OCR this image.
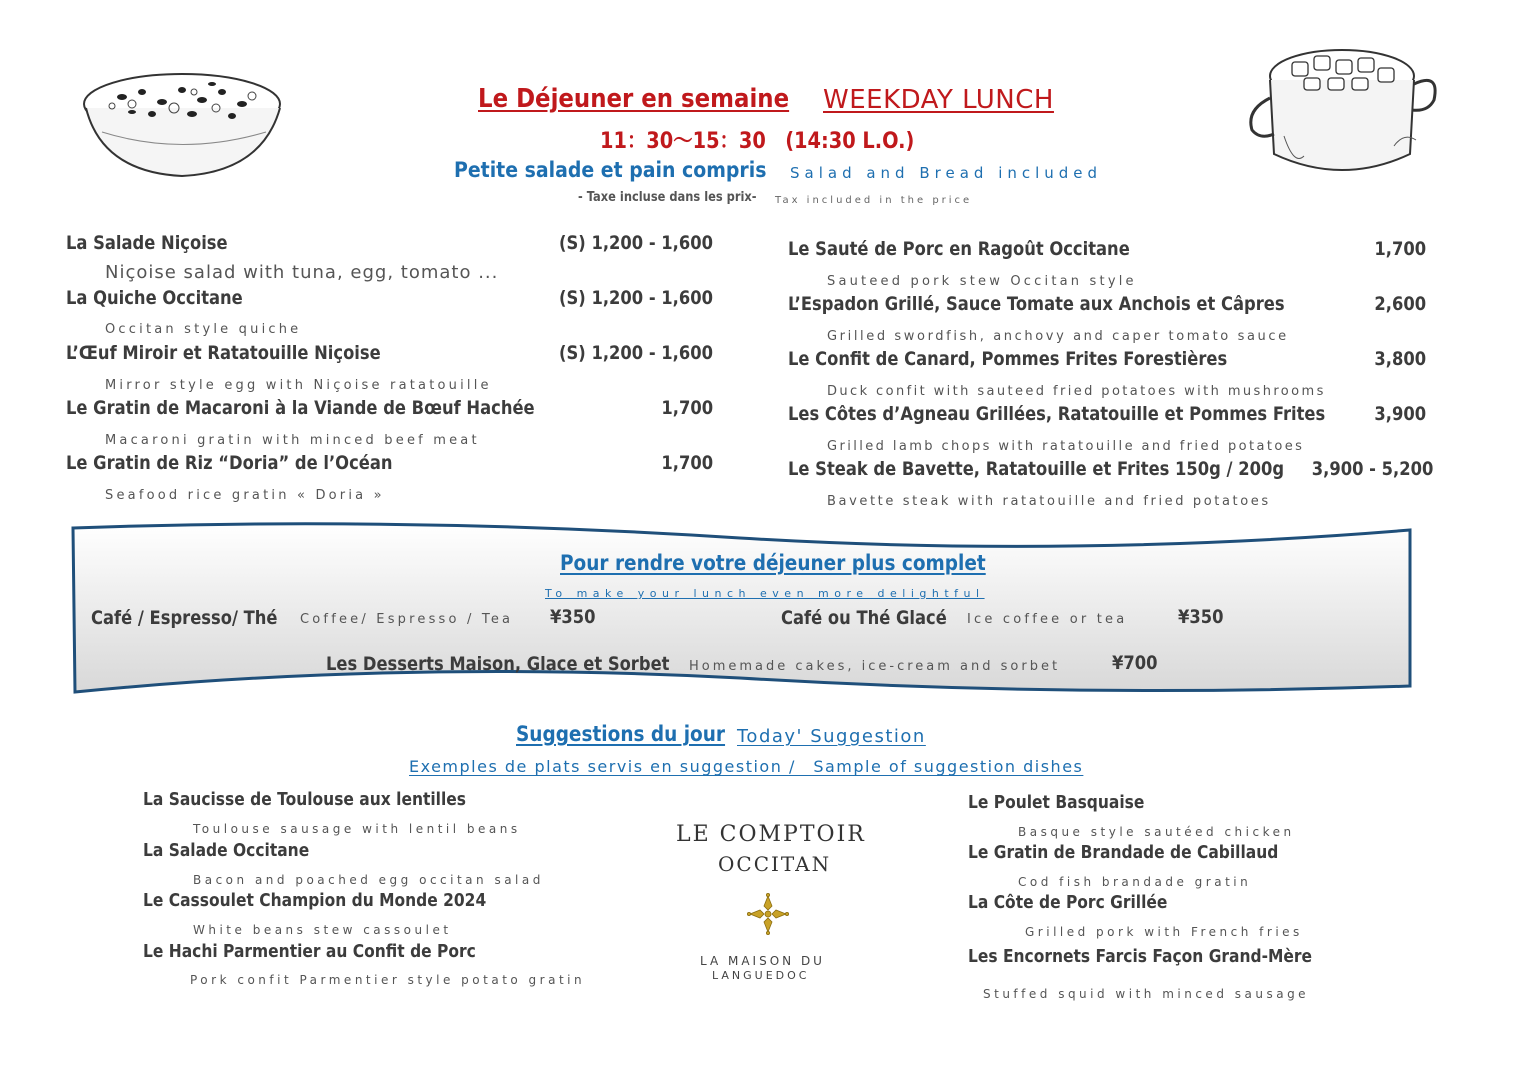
Le Déjeuner en semaine WEEKDAY LUNCH
11：30～15：30　(14:30 L.O.)
Petite salade et pain compris Salad and Bread included
- Taxe incluse dans les prix- Tax included in the price
La Salade Niçoise	(S) 1,200 - 1,600
Niçoise salad with tuna, egg, tomato ...
La Quiche Occitane	(S) 1,200 - 1,600
Occitan style quiche
L’Œuf Miroir et Ratatouille Niçoise	(S) 1,200 - 1,600
Mirror style egg with Niçoise ratatouille
Le Gratin de Macaroni à la Viande de Bœuf Hachée	1,700
Macaroni gratin with minced beef meat
Le Gratin de Riz “Doria” de l’Océan	1,700
Seafood rice gratin « Doria »
Le Sauté de Porc en Ragoût Occitane	1,700
Sauteed pork stew Occitan style
L’Espadon Grillé, Sauce Tomate aux Anchois et Câpres	2,600
Grilled swordfish, anchovy and caper tomato sauce
Le Confit de Canard, Pommes Frites Forestières	3,800
Duck confit with sauteed fried potatoes with mushrooms
Les Côtes d’Agneau Grillées, Ratatouille et Pommes Frites	3,900
Grilled lamb chops with ratatouille and fried potatoes
Le Steak de Bavette, Ratatouille et Frites 150g / 200g 3,900 - 5,200
Bavette steak with ratatouille and fried potatoes
Pour rendre votre déjeuner plus complet
To make your lunch even more delightful
Café / Espresso/ Thé Coffee/ Espresso / Tea ¥350	Café ou Thé Glacé Ice coffee or tea	¥350
Les Desserts Maison, Glace et Sorbet Homemade cakes, ice-cream and sorbet	¥700
Suggestions du jour Today' Suggestion
Exemples de plats servis en suggestion /　Sample of suggestion dishes
La Saucisse de Toulouse aux lentilles
Toulouse sausage with lentil beans
La Salade Occitane
Bacon and poached egg occitan salad
Le Cassoulet Champion du Monde 2024
White beans stew cassoulet
Le Hachi Parmentier au Confit de Porc
Pork confit Parmentier style potato gratin
Le Poulet Basquaise
Basque style sautéed chicken
Le Gratin de Brandade de Cabillaud
Cod fish brandade gratin
La Côte de Porc Grillée
Grilled pork with French fries
Les Encornets Farcis Façon Grand-Mère
Stuffed squid with minced sausage
LE COMPTOIR
OCCITAN
LA MAISON DU
LANGUEDOC
